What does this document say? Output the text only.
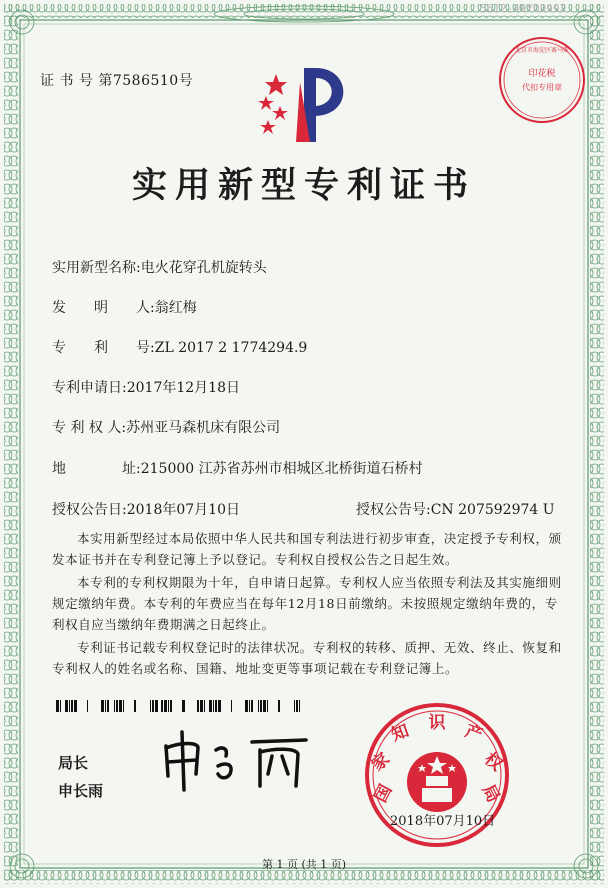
5612-49Y00992
证 书 号 第7586510号	印花税
代扣专用章
北京市海淀区赛马斯
实用新型专利证书
实用新型名称:电火花穿孔机旋转头
发　　明　　人:翁红梅
专　　利　　号:ZL 2017 2 1774294.9
专利申请日:2017年12月18日
专 利 权 人:苏州亚马森机床有限公司
地　　　　址:215000 江苏省苏州市相城区北桥街道石桥村
授权公告日:2018年07月10日	授权公告号:CN 207592974 U
本实用新型经过本局依照中华人民共和国专利法进行初步审查，决定授予专利权，颁发本证书并在专利登记簿上予以登记。专利权自授权公告之日起生效。
本专利的专利权期限为十年，自申请日起算。专利权人应当依照专利法及其实施细则规定缴纳年费。本专利的年费应当在每年12月18日前缴纳。未按照规定缴纳年费的，专利权自应当缴纳年费期满之日起终止。
专利证书记载专利权登记时的法律状况。专利权的转移、质押、无效、终止、恢复和专利权人的姓名或名称、国籍、地址变更等事项记载在专利登记簿上。
局长
申长雨	国
家
知 识 产
权
局
2018年07月10日
第 1 页 (共 1 页)
